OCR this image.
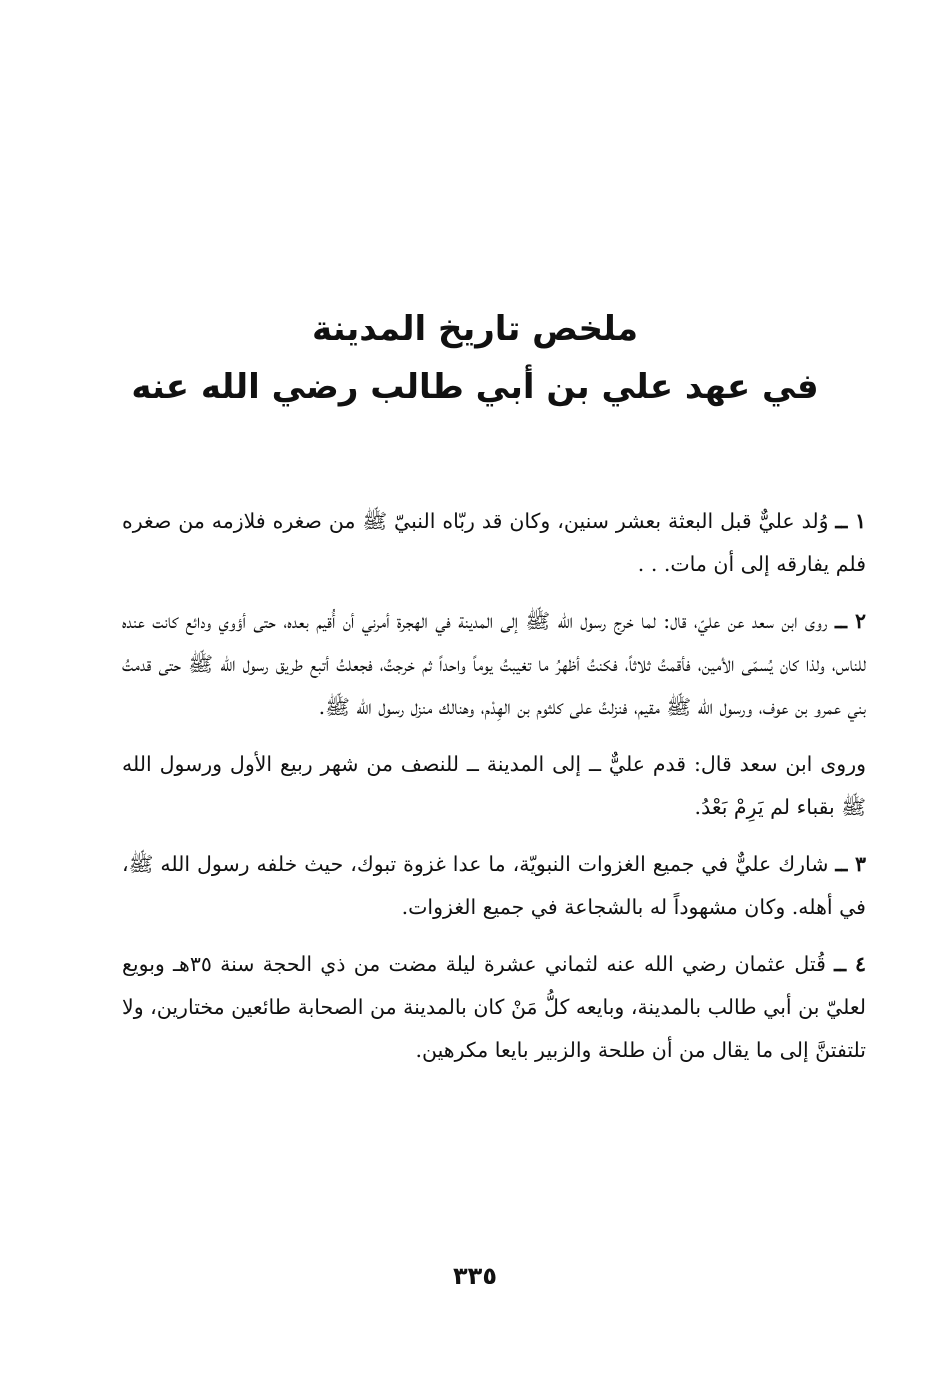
ملخص تاريخ المدينة

في عهد علي بن أبي طالب رضي الله عنه

١ ــ وُلد عليٌّ قبل البعثة بعشر سنين، وكان قد ربّاه النبيّ ﷺ من صغره فلازمه من صغره فلم يفارقه إلى أن مات. . .

٢ ــ روى ابن سعد عن عليّ، قال: لما خرج رسول الله ﷺ إلى المدينة في الهجرة أمرني أن أُقيم بعده، حتى أؤوي ودائع كانت عنده للناس، ولذا كان يُسمّى الأمين، فأقمتُ ثلاثاً، فكنتُ أظهرُ ما تغيبتُ يوماً واحداً ثم خرجتُ، فجعلتُ أتبع طريق رسول الله ﷺ حتى قدمتُ بني عمرو بن عوف، ورسول الله ﷺ مقيم، فنزلتُ على كلثوم بن الهِدْم، وهنالك منزل رسول الله ﷺ.

وروى ابن سعد قال: قدم عليٌّ ــ إلى المدينة ــ للنصف من شهر ربيع الأول ورسول الله ﷺ بقباء لم يَرِمْ بَعْدُ.

٣ ــ شارك عليٌّ في جميع الغزوات النبويّة، ما عدا غزوة تبوك، حيث خلفه رسول الله ﷺ، في أهله. وكان مشهوداً له بالشجاعة في جميع الغزوات.

٤ ــ قُتل عثمان رضي الله عنه لثماني عشرة ليلة مضت من ذي الحجة سنة ٣٥هـ وبويع لعليّ بن أبي طالب بالمدينة، وبايعه كلُّ مَنْ كان بالمدينة من الصحابة طائعين مختارين، ولا تلتفتنَّ إلى ما يقال من أن طلحة والزبير بايعا مكرهين.

٣٣٥
